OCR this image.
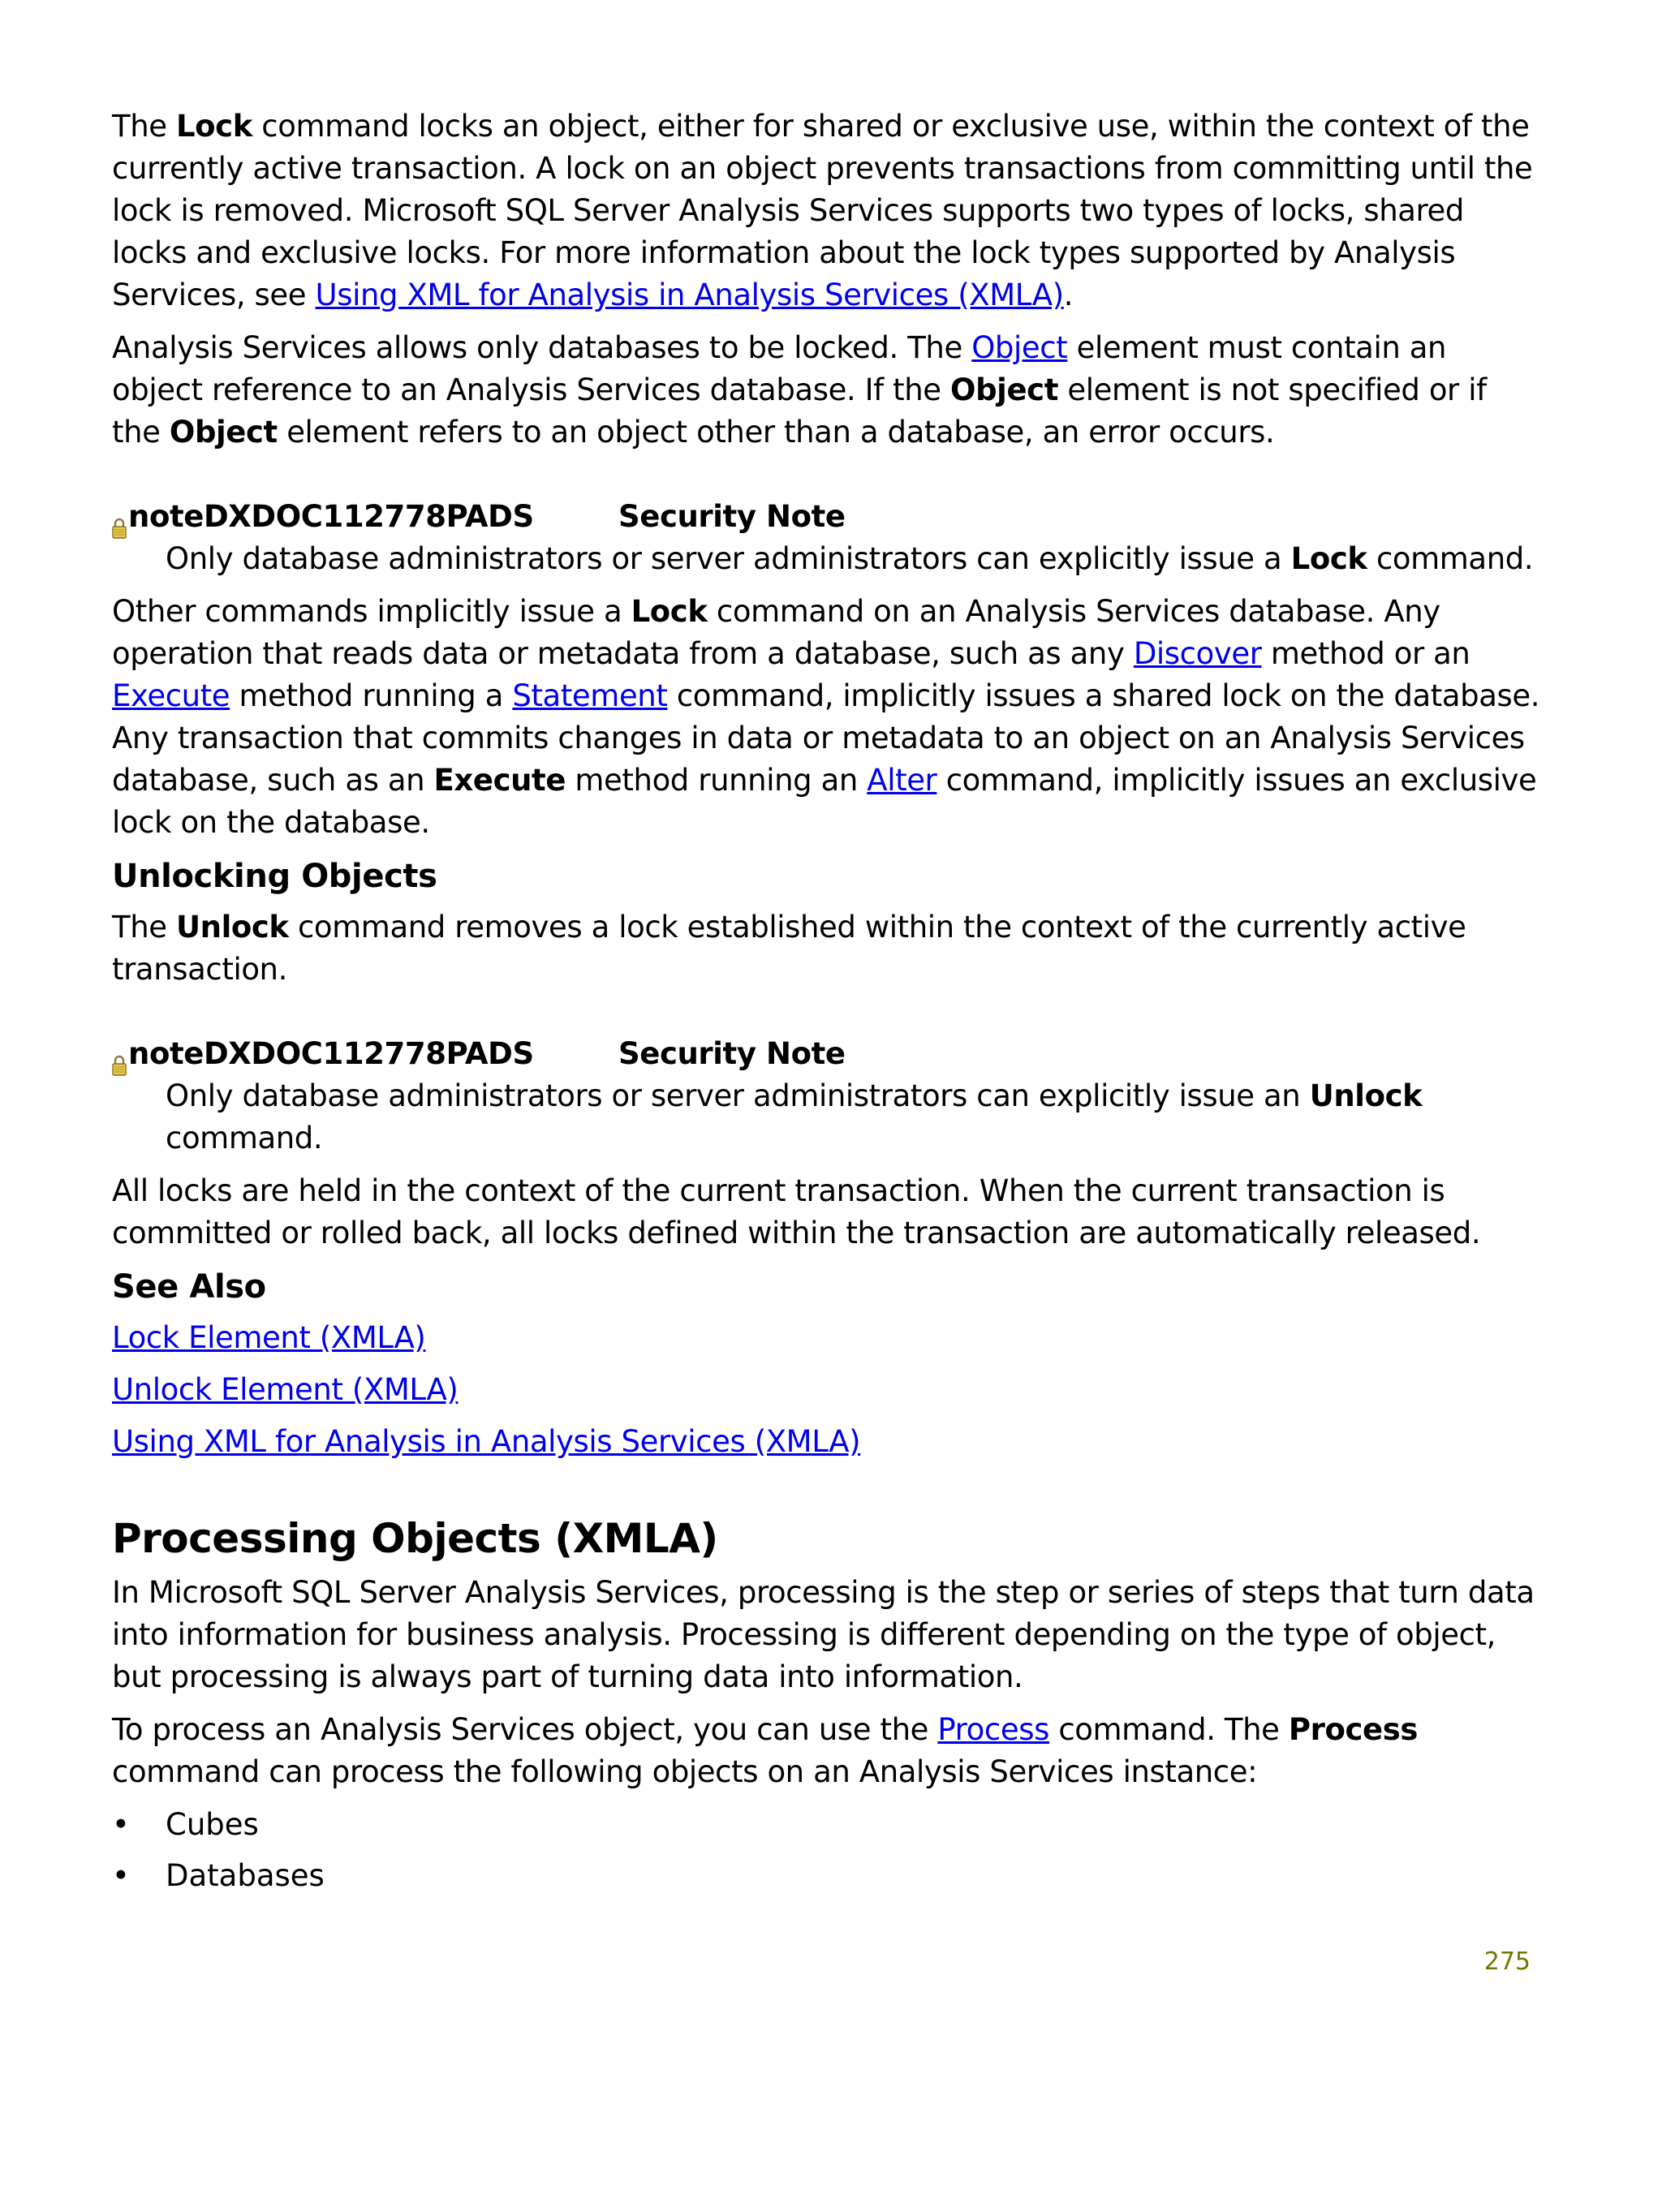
The Lock command locks an object, either for shared or exclusive use, within the context of the currently active transaction. A lock on an object prevents transactions from committing until the lock is removed. Microsoft SQL Server Analysis Services supports two types of locks, shared locks and exclusive locks. For more information about the lock types supported by Analysis Services, see Using XML for Analysis in Analysis Services (XMLA).

Analysis Services allows only databases to be locked. The Object element must contain an object reference to an Analysis Services database. If the Object element is not specified or if the Object element refers to an object other than a database, an error occurs.

noteDXDOC112778PADS	Security Note

Only database administrators or server administrators can explicitly issue a Lock command.

Other commands implicitly issue a Lock command on an Analysis Services database. Any operation that reads data or metadata from a database, such as any Discover method or an Execute method running a Statement command, implicitly issues a shared lock on the database. Any transaction that commits changes in data or metadata to an object on an Analysis Services database, such as an Execute method running an Alter command, implicitly issues an exclusive lock on the database.

Unlocking Objects

The Unlock command removes a lock established within the context of the currently active transaction.

noteDXDOC112778PADS	Security Note

Only database administrators or server administrators can explicitly issue an Unlock command.

All locks are held in the context of the current transaction. When the current transaction is committed or rolled back, all locks defined within the transaction are automatically released.

See Also

Lock Element (XMLA)

Unlock Element (XMLA)

Using XML for Analysis in Analysis Services (XMLA)

Processing Objects (XMLA)

In Microsoft SQL Server Analysis Services, processing is the step or series of steps that turn data into information for business analysis. Processing is different depending on the type of object, but processing is always part of turning data into information.

To process an Analysis Services object, you can use the Process command. The Process command can process the following objects on an Analysis Services instance:

•	Cubes
•	Databases
275
